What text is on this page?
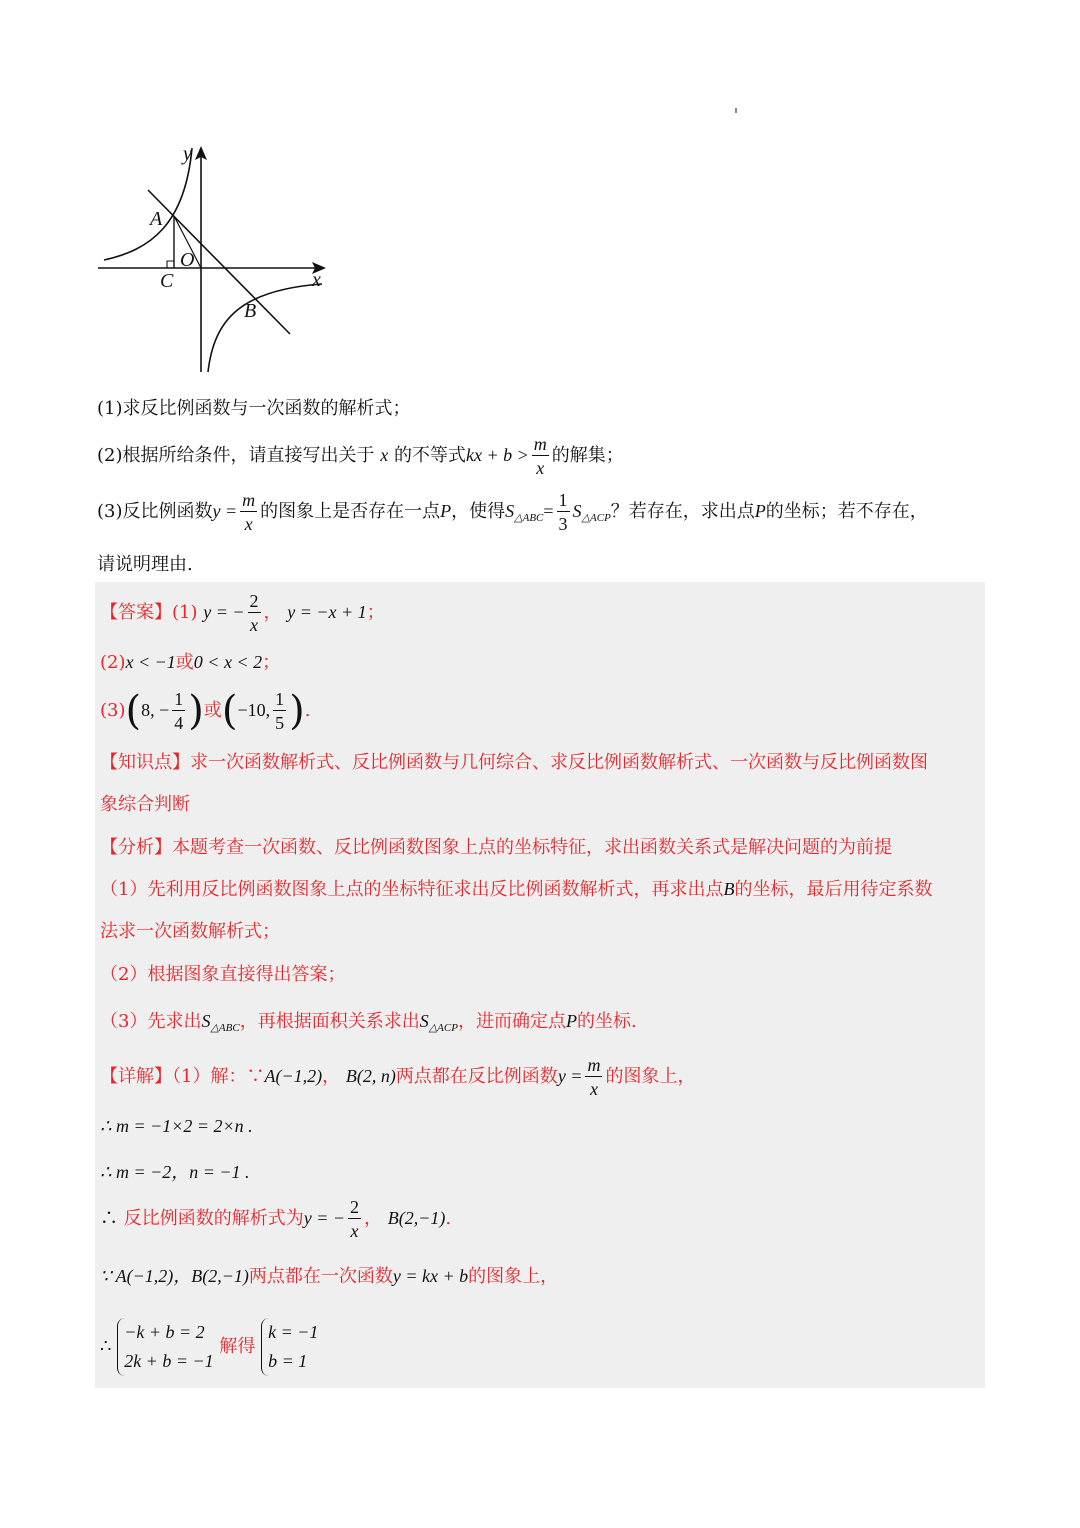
y
x
A
O
C
B
(1)求反比例函数与一次函数的解析式；
(2)根据所给条件，请直接写出关于 x 的不等式kx + $b > \frac{m}{x}$ 的解集；
(3)反比例函数$y = \frac{m}{x}$ 的图象上是否存在一点P，使得$S_{\triangle ABC}= \frac{1}{3} S_{\triangle ACP}$？若存在，求出点P的坐标；若不存在，
请说明理由.
【答案】(1) y = − $\frac{2}{x}$ ， y = −x + 1；
(2)x < −1或0 < x < 2；
(3)(8, − $\frac{1}{4}$ )或(−10, $\frac{1}{5}$ ).
【知识点】求一次函数解析式、反比例函数与几何综合、求反比例函数解析式、一次函数与反比例函数图
象综合判断
【分析】本题考查一次函数、反比例函数图象上点的坐标特征，求出函数关系式是解决问题的为前提
（1）先利用反比例函数图象上点的坐标特征求出反比例函数解析式，再求出点B的坐标，最后用待定系数
法求一次函数解析式；
（2）根据图象直接得出答案；
（3）先求出$S_{\triangle ABC}$，再根据面积关系求出$S_{\triangle ACP}$，进而确定点P的坐标.
【详解】（1）解：∵A(−1,2)， B(2, n)两点都在反比例函数$y = \frac{m}{x}$ 的图象上，
∴ m = −1×2 = 2×n .
∴ m = −2，n = −1 .
∴ 反比例函数的解析式为y = − $\frac{2}{x}$ ， B(2,−1).
∵ A(−1,2)，B(2,−1)两点都在一次函数y = kx + b的图象上，
∴
−k + b = 2
2k + b = −1
解得
k = −1
b = 1
